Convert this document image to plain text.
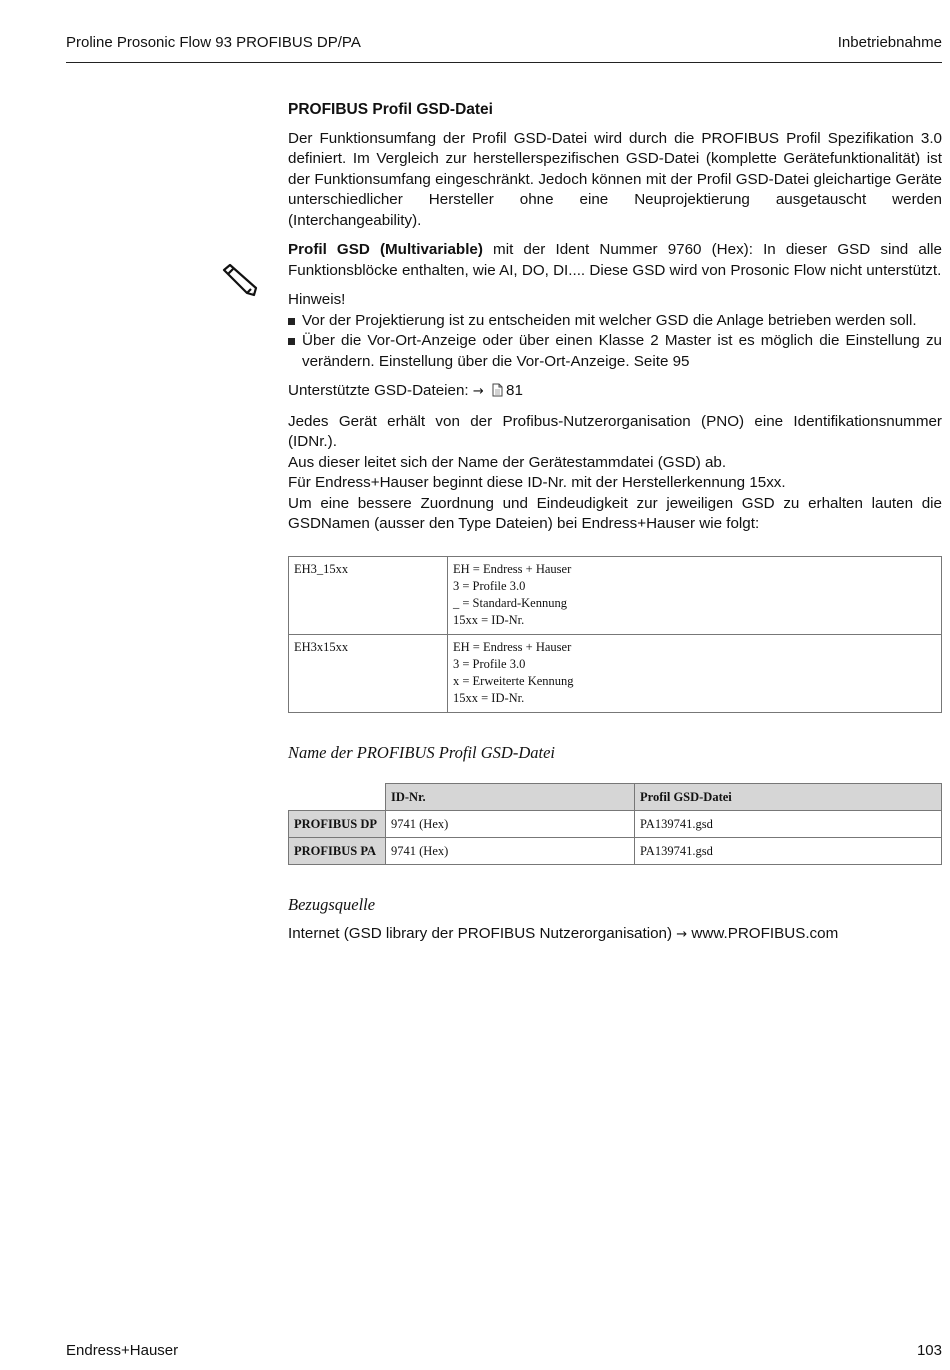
Proline Prosonic Flow 93 PROFIBUS DP/PA	Inbetriebnahme
PROFIBUS Profil GSD-Datei

Der Funktionsumfang der Profil GSD-Datei wird durch die PROFIBUS Profil Spezifikation 3.0 definiert. Im Vergleich zur herstellerspezifischen GSD-Datei (komplette Gerätefunktionalität) ist der Funktionsumfang eingeschränkt. Jedoch können mit der Profil GSD-Datei gleichartige Geräte unterschiedlicher Hersteller ohne eine Neuprojektierung ausgetauscht werden (Interchangeability).

Profil GSD (Multivariable) mit der Ident Nummer 9760 (Hex): In dieser GSD sind alle Funktionsblöcke enthalten, wie AI, DO, DI.... Diese GSD wird von Prosonic Flow nicht unterstützt.

Hinweis!
Vor der Projektierung ist zu entscheiden mit welcher GSD die Anlage betrieben werden soll.
Über die Vor-Ort-Anzeige oder über einen Klasse 2 Master ist es möglich die Einstellung zu verändern. Einstellung über die Vor-Ort-Anzeige. Seite 95

Unterstützte GSD-Dateien: → 81

Jedes Gerät erhält von der Profibus-Nutzerorganisation (PNO) eine Identifikationsnummer (IDNr.).
Aus dieser leitet sich der Name der Gerätestammdatei (GSD) ab.
Für Endress+Hauser beginnt diese ID-Nr. mit der Herstellerkennung 15xx.
Um eine bessere Zuordnung und Eindeudigkeit zur jeweiligen GSD zu erhalten lauten die GSDNamen (ausser den Type Dateien) bei Endress+Hauser wie folgt:

EH3_15xx	EH = Endress + Hauser
3 = Profile 3.0
_ = Standard-Kennung
15xx = ID-Nr.

EH3x15xx	EH = Endress + Hauser
3 = Profile 3.0
x = Erweiterte Kennung
15xx = ID-Nr.
Name der PROFIBUS Profil GSD-Datei
	ID-Nr.	Profil GSD-Datei
PROFIBUS DP	9741 (Hex)	PA139741.gsd
PROFIBUS PA	9741 (Hex)	PA139741.gsd
Bezugsquelle

Internet (GSD library der PROFIBUS Nutzerorganisation) → www.PROFIBUS.com

Endress+Hauser	103
